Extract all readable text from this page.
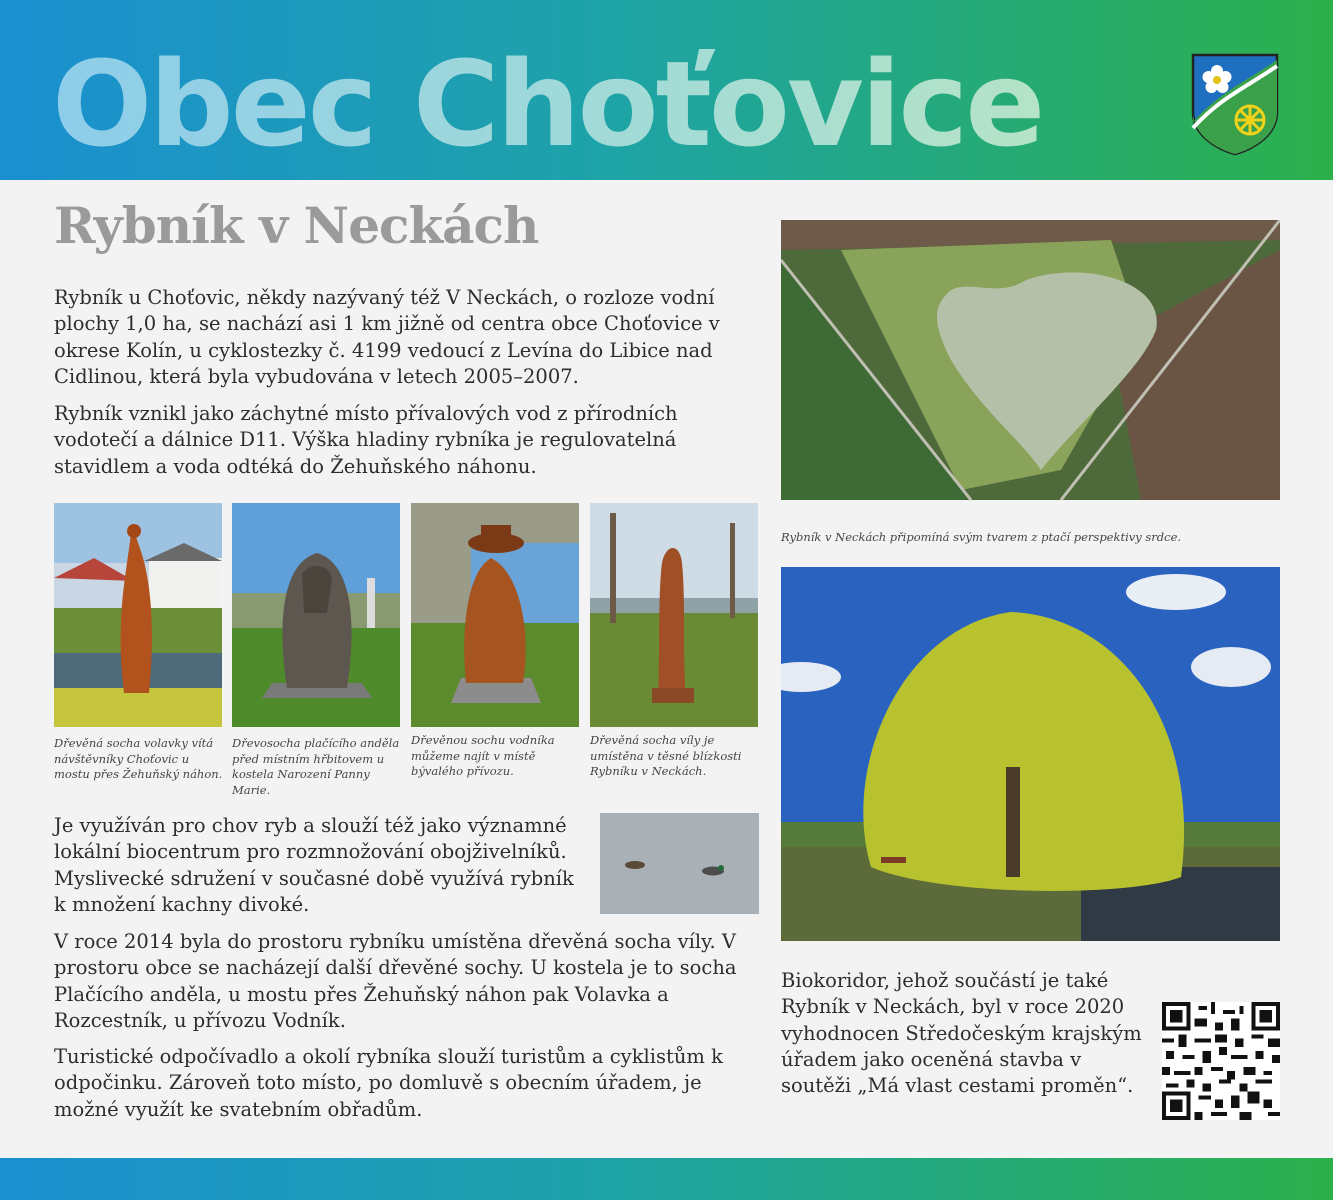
Obec Choťovice
Rybník v Neckách

Rybník u Choťovic, někdy nazývaný též V Neckách, o rozloze vodní plochy 1,0 ha, se nachází asi 1 km jižně od centra obce Choťovice v okrese Kolín, u cyklostezky č. 4199 vedoucí z Levína do Libice nad Cidlinou, která byla vybudována v letech 2005–2007.

Rybník vznikl jako záchytné místo přívalových vod z přírodních vodotečí a dálnice D11. Výška hladiny rybníka je regulovatelná stavidlem a voda odtéká do Žehuňského náhonu.

Dřevěná socha volavky vítá návštěvníky Choťovic u mostu přes Žehuňský náhon.

Dřevosocha plačícího anděla před místním hřbitovem u kostela Narození Panny Marie.

Dřevěnou sochu vodníka můžeme najít v místě bývalého přívozu.

Dřevěná socha víly je umístěna v těsné blízkosti Rybníku v Neckách.

Je využíván pro chov ryb a slouží též jako významné lokální biocentrum pro rozmnožování obojživelníků. Myslivecké sdružení v současné době využívá rybník k množení kachny divoké.

V roce 2014 byla do prostoru rybníku umístěna dřevěná socha víly. V prostoru obce se nacházejí další dřevěné sochy. U kostela je to socha Plačícího anděla, u mostu přes Žehuňský náhon pak Volavka a Rozcestník, u přívozu Vodník.

Turistické odpočívadlo a okolí rybníka slouží turistům a cyklistům k odpočinku. Zároveň toto místo, po domluvě s obecním úřadem, je možné využít ke svatebním obřadům.

Rybník v Neckách připomíná svým tvarem z ptačí perspektivy srdce.

Biokoridor, jehož součástí je také Rybník v Neckách, byl v roce 2020 vyhodnocen Středočeským krajským úřadem jako oceněná stavba v soutěži „Má vlast cestami proměn“.
